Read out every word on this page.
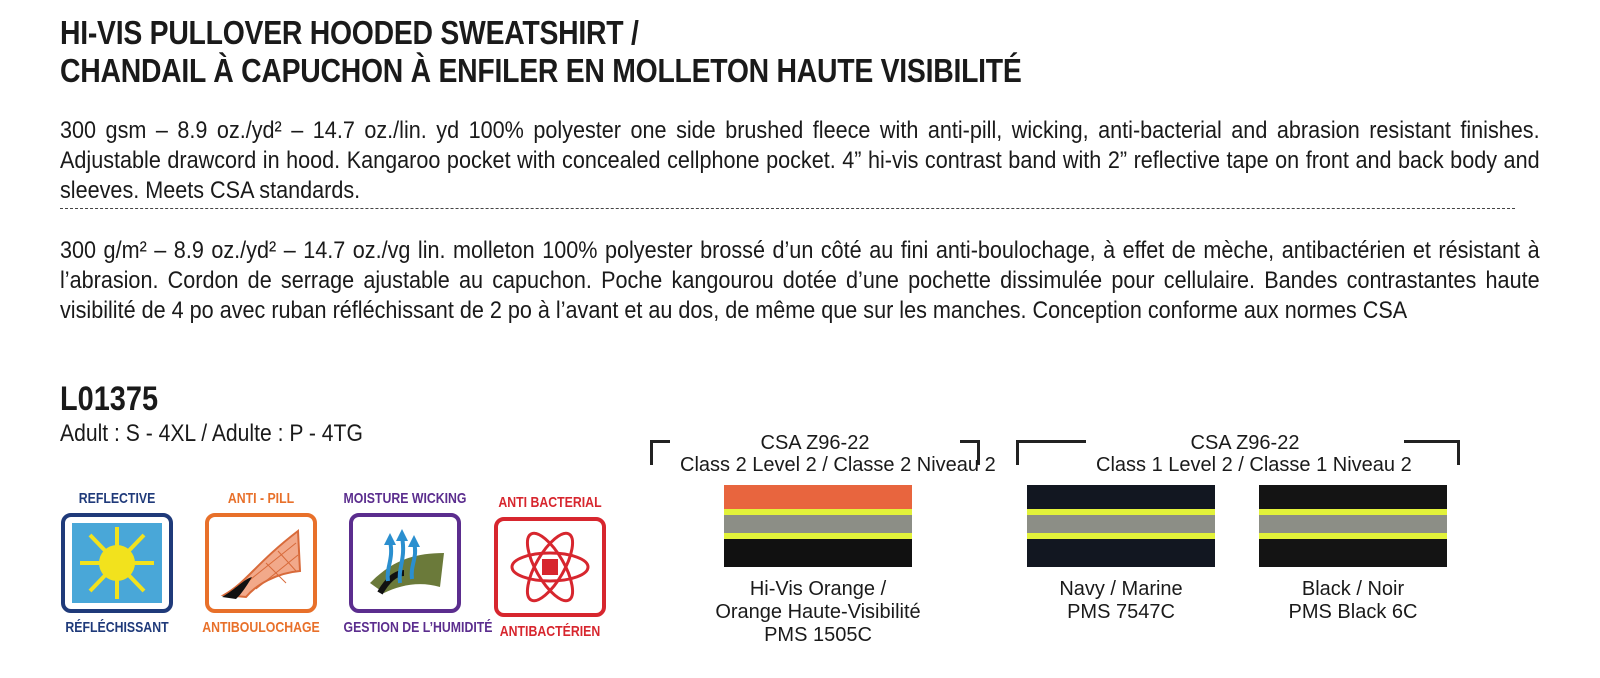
HI-VIS PULLOVER HOODED SWEATSHIRT /
CHANDAIL À CAPUCHON À ENFILER EN MOLLETON HAUTE VISIBILITÉ
300 gsm – 8.9 oz./yd² – 14.7 oz./lin. yd 100% polyester one side brushed fleece with anti-pill, wicking, anti-bacterial and abrasion resistant finishes. Adjustable drawcord in hood. Kangaroo pocket with concealed cellphone pocket. 4” hi-vis contrast band with 2” reflective tape on front and back body and sleeves. Meets CSA standards.
300 g/m² – 8.9 oz./yd² – 14.7 oz./vg lin. molleton 100% polyester brossé d’un côté au fini anti-boulochage, à effet de mèche, antibactérien et résistant à l’abrasion. Cordon de serrage ajustable au capuchon. Poche kangourou dotée d’une pochette dissimulée pour cellulaire. Bandes contrastantes haute visibilité de 4 po avec ruban réfléchissant de 2 po à l’avant et au dos, de même que sur les manches. Conception conforme aux normes CSA
L01375
Adult : S - 4XL / Adulte : P - 4TG
REFLECTIVE
RÉFLÉCHISSANT
ANTI - PILL
ANTIBOULOCHAGE
MOISTURE WICKING
GESTION DE L’HUMIDITÉ
ANTI BACTERIAL
ANTIBACTÉRIEN
CSA Z96-22
Class 2 Level 2 / Classe 2 Niveau 2
CSA Z96-22
Class 1 Level 2 / Classe 1 Niveau 2
Hi-Vis Orange /
Orange Haute-Visibilité
PMS 1505C
Navy / Marine
PMS 7547C
Black / Noir
PMS Black 6C
